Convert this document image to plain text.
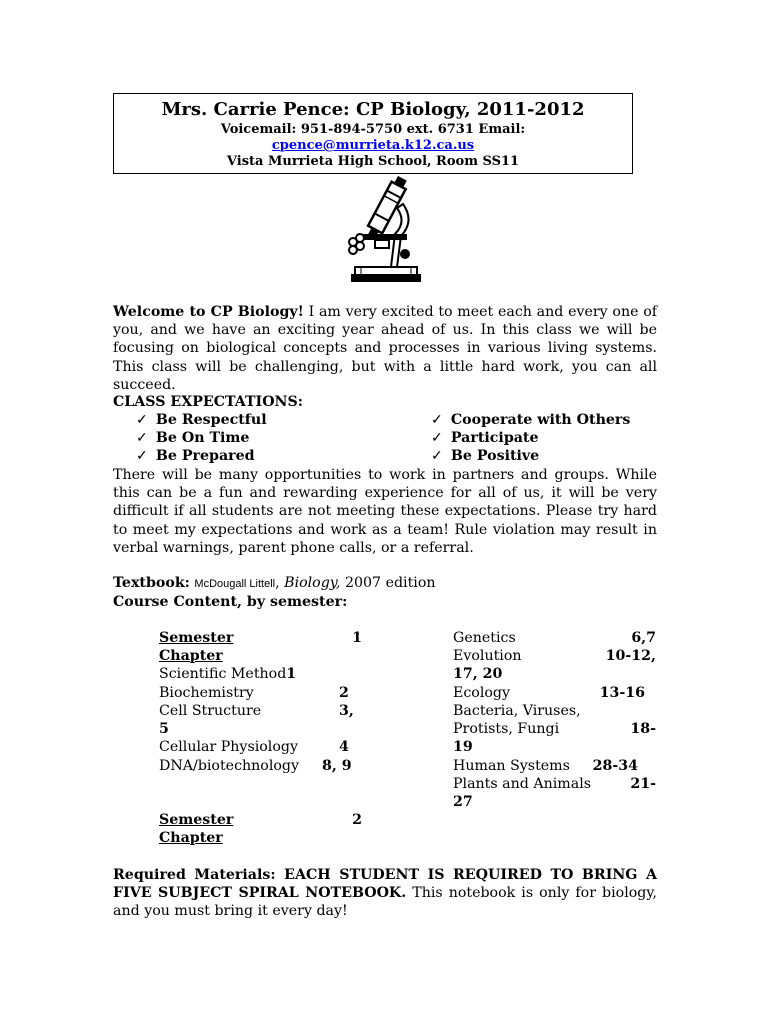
Mrs. Carrie Pence: CP Biology, 2011-2012
Voicemail: 951-894-5750 ext. 6731 Email:
cpence@murrieta.k12.ca.us
Vista Murrieta High School, Room SS11
Welcome to CP Biology! I am very excited to meet each and every one of you, and we have an exciting year ahead of us. In this class we will be focusing on biological concepts and processes in various living systems. This class will be challenging, but with a little hard work, you can all succeed.
CLASS EXPECTATIONS:
✓ Be Respectful
✓ Be On Time
✓ Be Prepared
✓ Cooperate with Others
✓ Participate
✓ Be Positive
There will be many opportunities to work in partners and groups. While this can be a fun and rewarding experience for all of us, it will be very difficult if all students are not meeting these expectations. Please try hard to meet my expectations and work as a team! Rule violation may result in verbal warnings, parent phone calls, or a referral.
Textbook: McDougall Littell, Biology, 2007 edition
Course Content, by semester:
Semester	1
Chapter
Scientific Method1
Biochemistry	2
Cell Structure	3,
5
Cellular Physiology	4
DNA/biotechnology 8, 9
Genetics	6,7
Evolution	10-12,
17, 20
Ecology	13-16
Bacteria, Viruses,
Protists, Fungi	18-
19
Human Systems 28-34
Plants and Animals	21-
27
Semester	2
Chapter
Required Materials: EACH STUDENT IS REQUIRED TO BRING A FIVE SUBJECT SPIRAL NOTEBOOK. This notebook is only for biology, and you must bring it every day!
